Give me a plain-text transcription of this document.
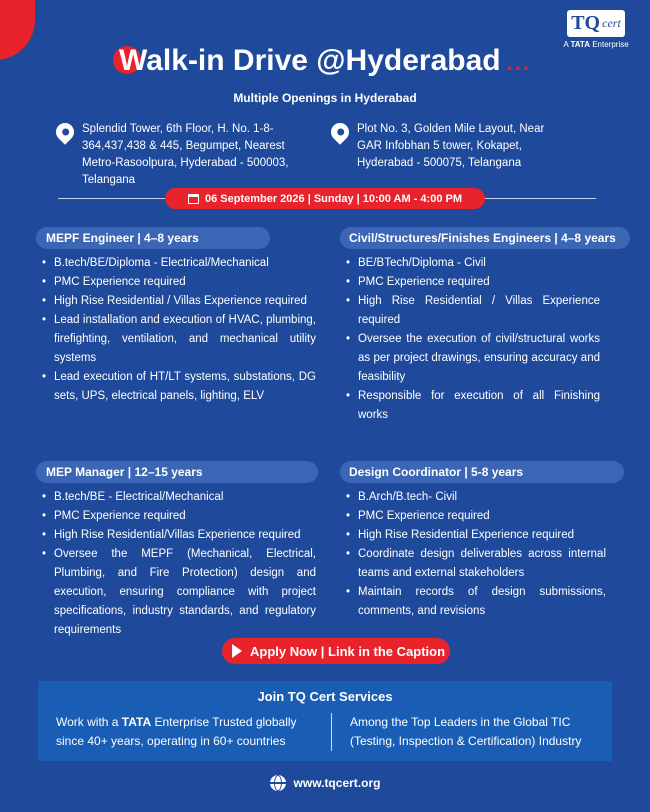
TQ cert
A TATA Enterprise
Walk-in Drive @Hyderabad ...
Multiple Openings in Hyderabad
Splendid Tower, 6th Floor, H. No. 1-8-364,437,438 & 445, Begumpet, Nearest Metro-Rasoolpura, Hyderabad - 500003, Telangana
Plot No. 3, Golden Mile Layout, Near GAR Infobhan 5 tower, Kokapet, Hyderabad - 500075, Telangana
06 September 2026 | Sunday | 10:00 AM - 4:00 PM
MEPF Engineer | 4–8 years
• B.tech/BE/Diploma - Electrical/Mechanical
• PMC Experience required
• High Rise Residential / Villas Experience required
• Lead installation and execution of HVAC, plumbing, firefighting, ventilation, and mechanical utility systems
• Lead execution of HT/LT systems, substations, DG sets, UPS, electrical panels, lighting, ELV
Civil/Structures/Finishes Engineers | 4–8 years
• BE/BTech/Diploma - Civil
• PMC Experience required
• High Rise Residential / Villas Experience required
• Oversee the execution of civil/structural works as per project drawings, ensuring accuracy and feasibility
• Responsible for execution of all Finishing works
MEP Manager | 12–15 years
• B.tech/BE - Electrical/Mechanical
• PMC Experience required
• High Rise Residential/Villas Experience required
• Oversee the MEPF (Mechanical, Electrical, Plumbing, and Fire Protection) design and execution, ensuring compliance with project specifications, industry standards, and regulatory requirements
Design Coordinator | 5-8 years
• B.Arch/B.tech- Civil
• PMC Experience required
• High Rise Residential Experience required
• Coordinate design deliverables across internal teams and external stakeholders
• Maintain records of design submissions, comments, and revisions
Apply Now | Link in the Caption
Join TQ Cert Services
Work with a TATA Enterprise Trusted globally since 40+ years, operating in 60+ countries
Among the Top Leaders in the Global TIC (Testing, Inspection & Certification) Industry
www.tqcert.org
